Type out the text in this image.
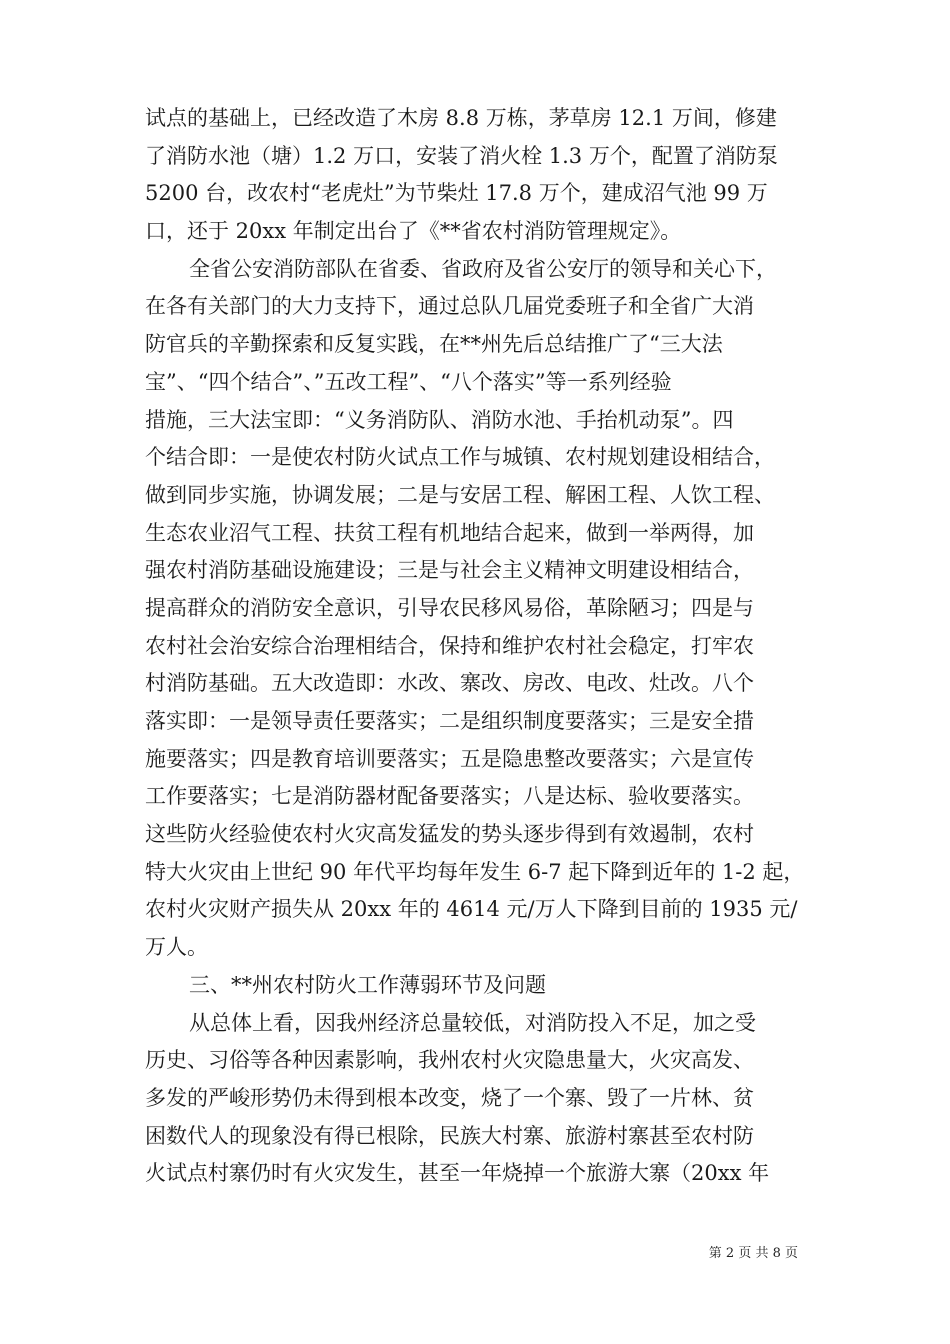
试点的基础上，已经改造了木房 8.8 万栋，茅草房 12.1 万间，修建
了消防水池（塘）1.2 万口，安装了消火栓 1.3 万个，配置了消防泵
5200 台，改农村“老虎灶”为节柴灶 17.8 万个，建成沼气池 99 万
口，还于 20xx 年制定出台了《**省农村消防管理规定》。
全省公安消防部队在省委、省政府及省公安厅的领导和关心下，
在各有关部门的大力支持下，通过总队几届党委班子和全省广大消
防官兵的辛勤探索和反复实践，在**州先后总结推广了“三大法
宝”、“四个结合”、”五改工程”、“八个落实”等一系列经验
措施，三大法宝即：“义务消防队、消防水池、手抬机动泵”。四
个结合即：一是使农村防火试点工作与城镇、农村规划建设相结合，
做到同步实施，协调发展；二是与安居工程、解困工程、人饮工程、
生态农业沼气工程、扶贫工程有机地结合起来，做到一举两得，加
强农村消防基础设施建设；三是与社会主义精神文明建设相结合，
提高群众的消防安全意识，引导农民移风易俗，革除陋习；四是与
农村社会治安综合治理相结合，保持和维护农村社会稳定，打牢农
村消防基础。五大改造即：水改、寨改、房改、电改、灶改。八个
落实即：一是领导责任要落实；二是组织制度要落实；三是安全措
施要落实；四是教育培训要落实；五是隐患整改要落实；六是宣传
工作要落实；七是消防器材配备要落实；八是达标、验收要落实。
这些防火经验使农村火灾高发猛发的势头逐步得到有效遏制，农村
特大火灾由上世纪 90 年代平均每年发生 6-7 起下降到近年的 1-2 起，
农村火灾财产损失从 20xx 年的 4614 元/万人下降到目前的 1935 元/
万人。
三、**州农村防火工作薄弱环节及问题
从总体上看，因我州经济总量较低，对消防投入不足，加之受
历史、习俗等各种因素影响，我州农村火灾隐患量大，火灾高发、
多发的严峻形势仍未得到根本改变，烧了一个寨、毁了一片林、贫
困数代人的现象没有得已根除，民族大村寨、旅游村寨甚至农村防
火试点村寨仍时有火灾发生，甚至一年烧掉一个旅游大寨（20xx 年
第 2 页 共 8 页
